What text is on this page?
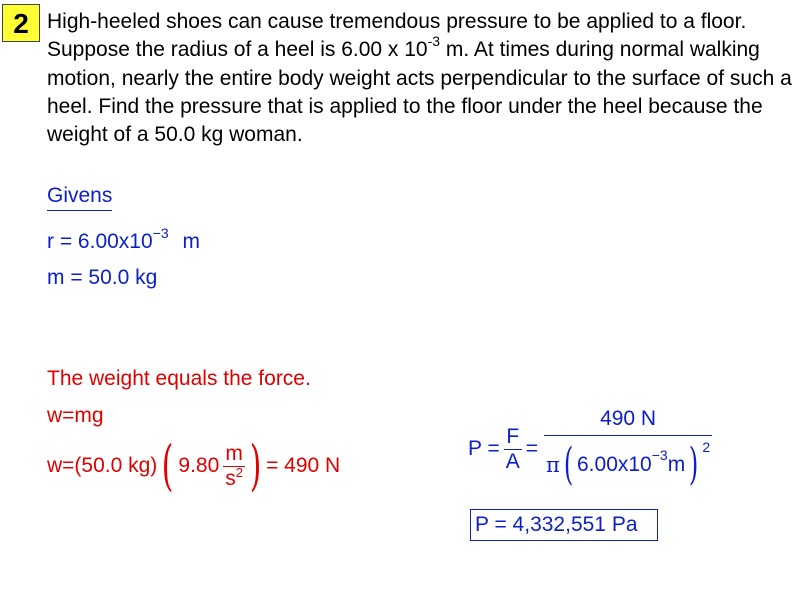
2 High-heeled shoes can cause tremendous pressure to be applied to a floor. Suppose the radius of a heel is 6.00 x $10^{-3}$ m. At times during normal walking motion, nearly the entire body weight acts perpendicular to the surface of such a heel. Find the pressure that is applied to the floor under the heel because the weight of a 50.0 kg woman.
Givens
$r = 6.00x10^{-3}$ m
m = 50.0 kg
The weight equals the force.
w=mg
w=(50.0 kg) ( $9.80 \frac{m}{s^2}$ ) = 490 N
$P = \frac{F}{A} = \frac{490 N}{\pi ( 6.00x10 -3 m ) 2}$
P = 4,332,551 Pa
